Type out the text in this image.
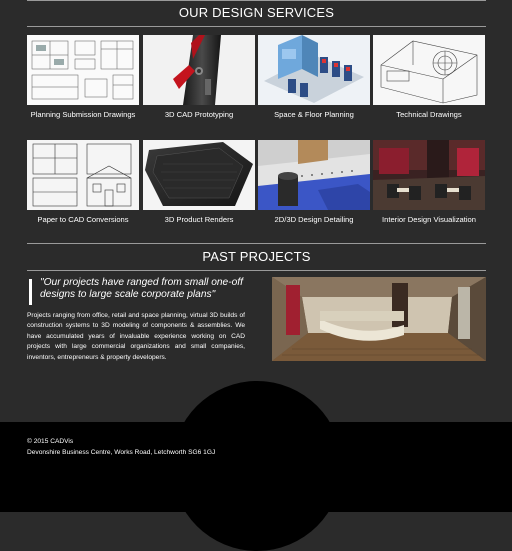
OUR DESIGN SERVICES
Planning Submission Drawings	3D CAD Prototyping	Space & Floor Planning	Technical Drawings
Paper to CAD Conversions	3D Product Renders	2D/3D Design Detailing	Interior Design Visualization
PAST PROJECTS
"Our projects have ranged from small one-off designs to large scale corporate plans"
Projects ranging from office, retail and space planning, virtual 3D builds of construction systems to 3D modeling of components & assemblies. We have accumulated years of invaluable experience working on CAD projects with large commercial organizations and small companies, inventors, entrepreneurs & property developers.
© 2015 CADVis
Devonshire Business Centre, Works Road, Letchworth SG6 1GJ
